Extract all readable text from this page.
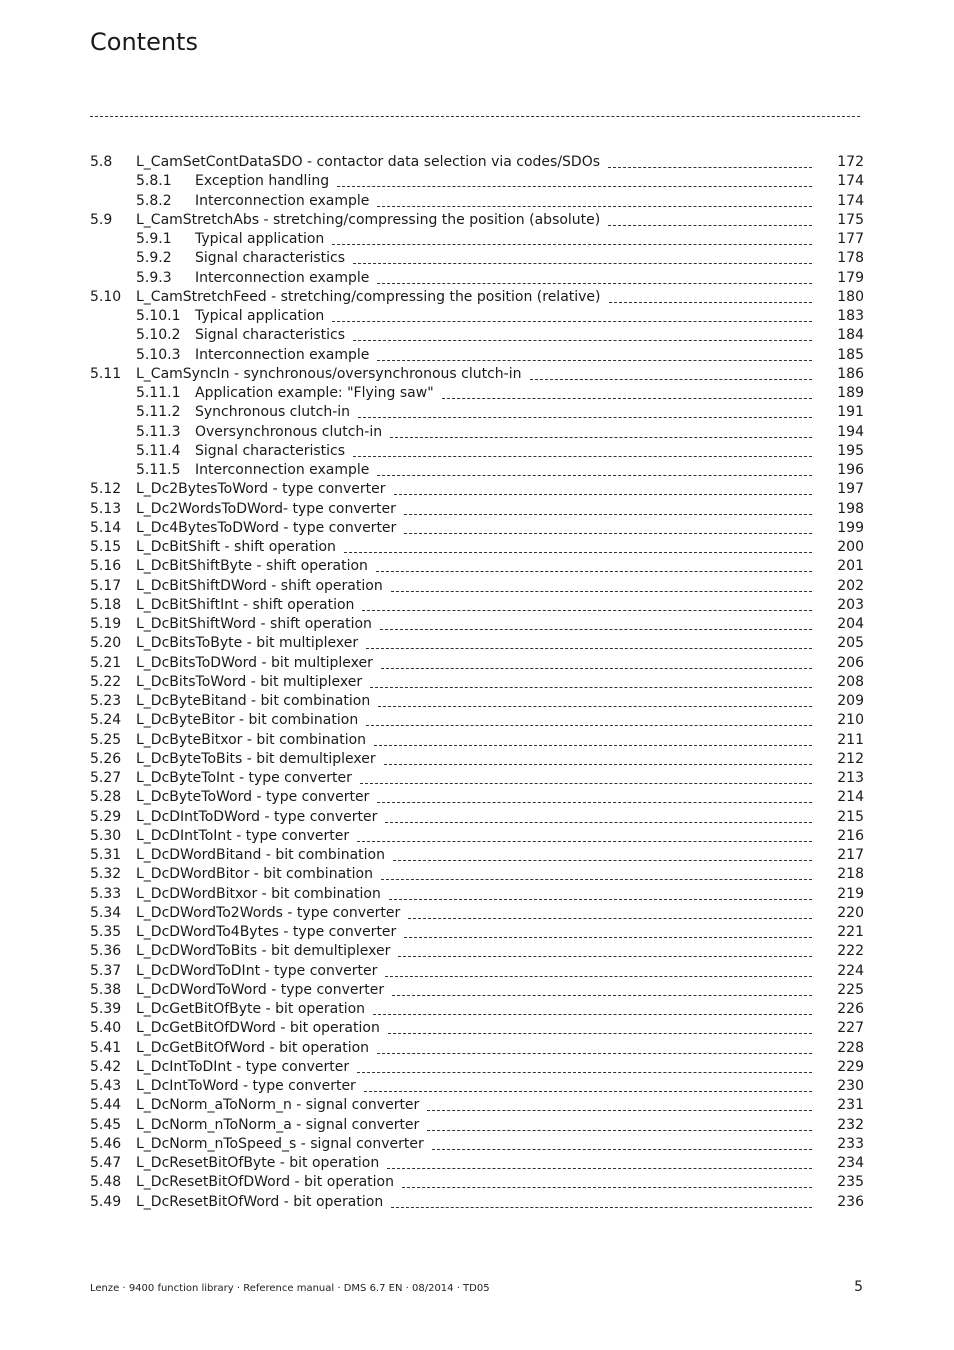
Contents
5.8 L_CamSetContDataSDO - contactor data selection via codes/SDOs	172
5.8.1 Exception handling	174
5.8.2 Interconnection example	174
5.9 L_CamStretchAbs - stretching/compressing the position (absolute)	175
5.9.1 Typical application	177
5.9.2 Signal characteristics	178
5.9.3 Interconnection example	179
5.10 L_CamStretchFeed - stretching/compressing the position (relative)	180
5.10.1 Typical application	183
5.10.2 Signal characteristics	184
5.10.3 Interconnection example	185
5.11 L_CamSyncIn - synchronous/oversynchronous clutch-in	186
5.11.1 Application example: "Flying saw"	189
5.11.2 Synchronous clutch-in	191
5.11.3 Oversynchronous clutch-in	194
5.11.4 Signal characteristics	195
5.11.5 Interconnection example	196
5.12 L_Dc2BytesToWord - type converter	197
5.13 L_Dc2WordsToDWord- type converter	198
5.14 L_Dc4BytesToDWord - type converter	199
5.15 L_DcBitShift - shift operation	200
5.16 L_DcBitShiftByte - shift operation	201
5.17 L_DcBitShiftDWord - shift operation	202
5.18 L_DcBitShiftInt - shift operation	203
5.19 L_DcBitShiftWord - shift operation	204
5.20 L_DcBitsToByte - bit multiplexer	205
5.21 L_DcBitsToDWord - bit multiplexer	206
5.22 L_DcBitsToWord - bit multiplexer	208
5.23 L_DcByteBitand - bit combination	209
5.24 L_DcByteBitor - bit combination	210
5.25 L_DcByteBitxor - bit combination	211
5.26 L_DcByteToBits - bit demultiplexer	212
5.27 L_DcByteToInt - type converter	213
5.28 L_DcByteToWord - type converter	214
5.29 L_DcDIntToDWord - type converter	215
5.30 L_DcDIntToInt - type converter	216
5.31 L_DcDWordBitand - bit combination	217
5.32 L_DcDWordBitor - bit combination	218
5.33 L_DcDWordBitxor - bit combination	219
5.34 L_DcDWordTo2Words - type converter	220
5.35 L_DcDWordTo4Bytes - type converter	221
5.36 L_DcDWordToBits - bit demultiplexer	222
5.37 L_DcDWordToDInt - type converter	224
5.38 L_DcDWordToWord - type converter	225
5.39 L_DcGetBitOfByte - bit operation	226
5.40 L_DcGetBitOfDWord - bit operation	227
5.41 L_DcGetBitOfWord - bit operation	228
5.42 L_DcIntToDInt - type converter	229
5.43 L_DcIntToWord - type converter	230
5.44 L_DcNorm_aToNorm_n - signal converter	231
5.45 L_DcNorm_nToNorm_a - signal converter	232
5.46 L_DcNorm_nToSpeed_s - signal converter	233
5.47 L_DcResetBitOfByte - bit operation	234
5.48 L_DcResetBitOfDWord - bit operation	235
5.49 L_DcResetBitOfWord - bit operation	236
Lenze · 9400 function library · Reference manual · DMS 6.7 EN · 08/2014 · TD05	5
